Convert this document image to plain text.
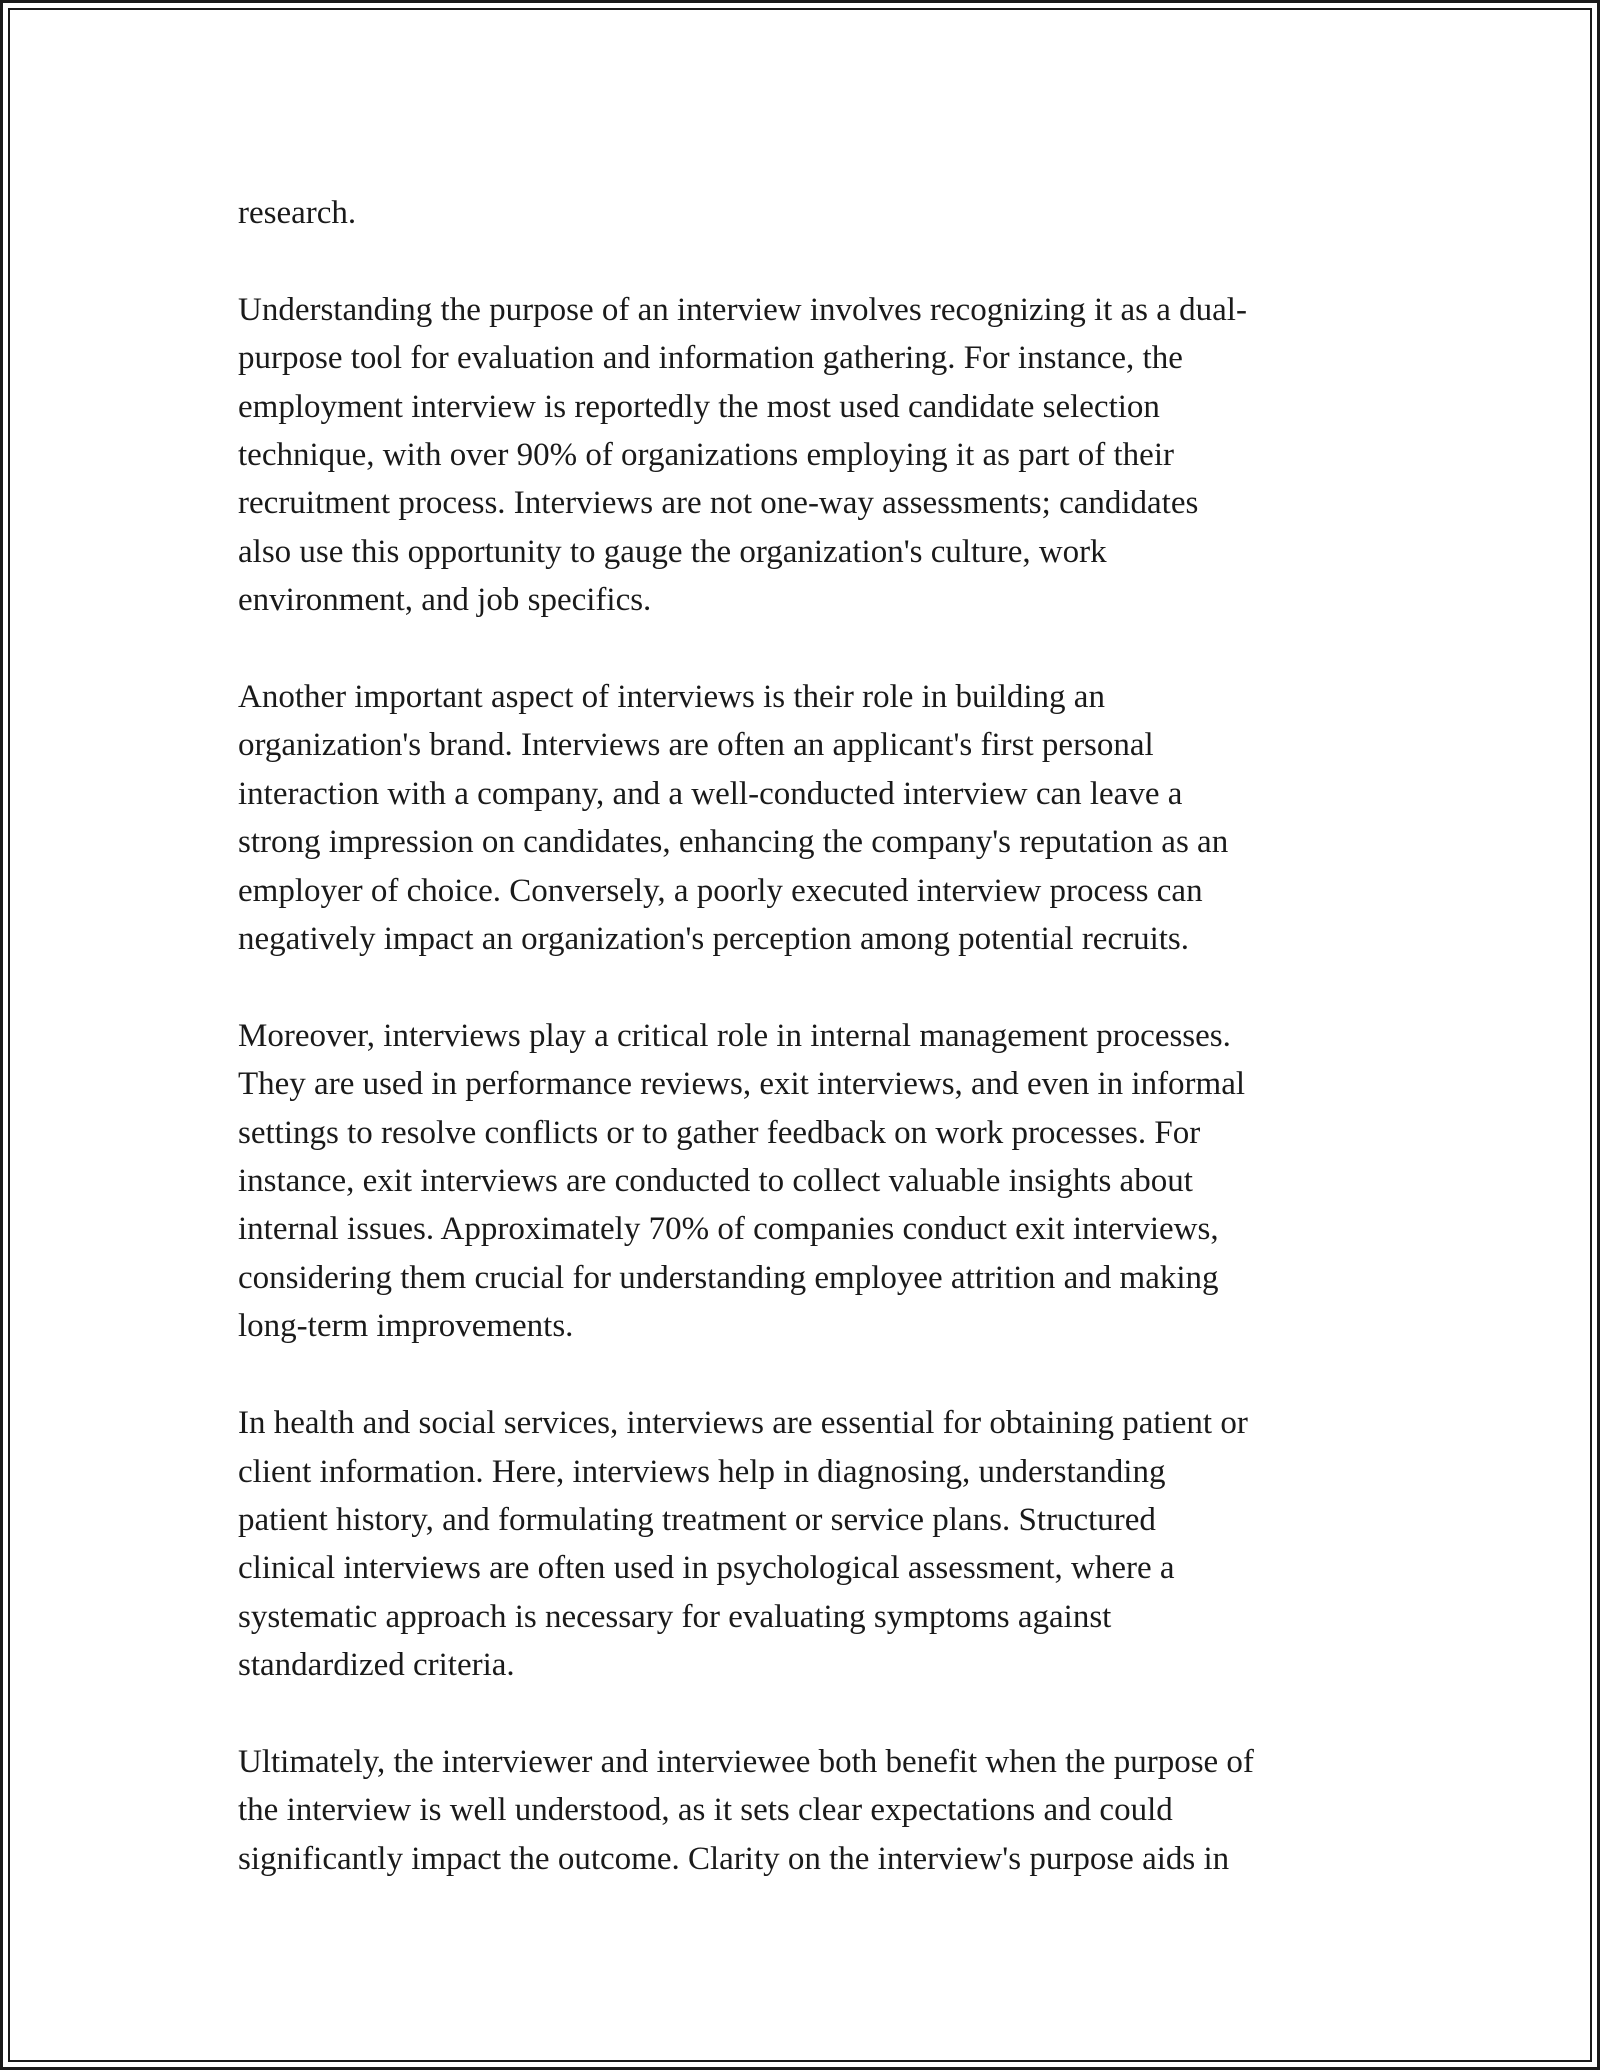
research.

Understanding the purpose of an interview involves recognizing it as a dual-
purpose tool for evaluation and information gathering. For instance, the
employment interview is reportedly the most used candidate selection
technique, with over 90% of organizations employing it as part of their
recruitment process. Interviews are not one-way assessments; candidates
also use this opportunity to gauge the organization's culture, work
environment, and job specifics.

Another important aspect of interviews is their role in building an
organization's brand. Interviews are often an applicant's first personal
interaction with a company, and a well-conducted interview can leave a
strong impression on candidates, enhancing the company's reputation as an
employer of choice. Conversely, a poorly executed interview process can
negatively impact an organization's perception among potential recruits.

Moreover, interviews play a critical role in internal management processes.
They are used in performance reviews, exit interviews, and even in informal
settings to resolve conflicts or to gather feedback on work processes. For
instance, exit interviews are conducted to collect valuable insights about
internal issues. Approximately 70% of companies conduct exit interviews,
considering them crucial for understanding employee attrition and making
long-term improvements.

In health and social services, interviews are essential for obtaining patient or
client information. Here, interviews help in diagnosing, understanding
patient history, and formulating treatment or service plans. Structured
clinical interviews are often used in psychological assessment, where a
systematic approach is necessary for evaluating symptoms against
standardized criteria.

Ultimately, the interviewer and interviewee both benefit when the purpose of
the interview is well understood, as it sets clear expectations and could
significantly impact the outcome. Clarity on the interview's purpose aids in
